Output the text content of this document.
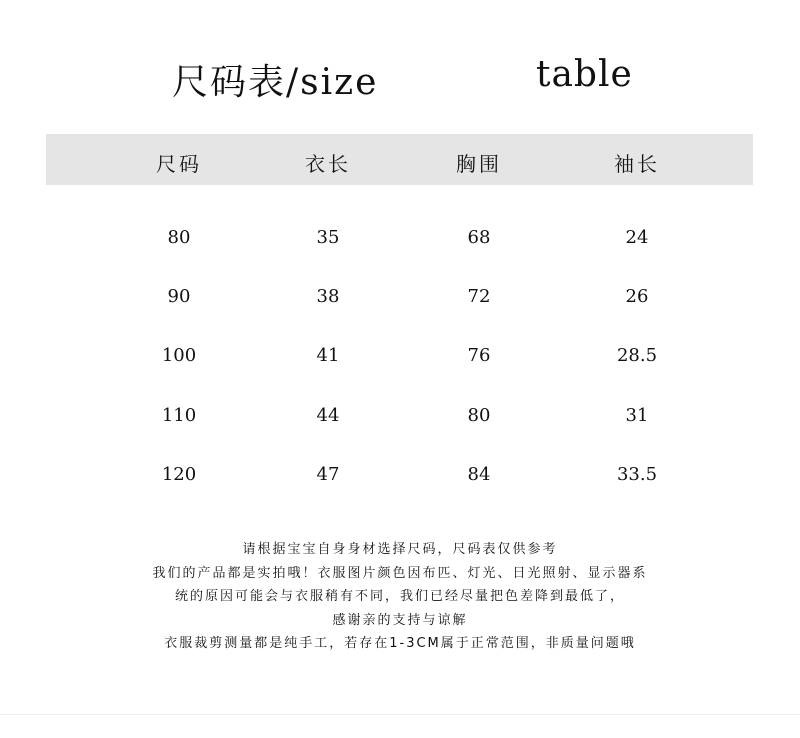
尺码表/size	table
尺码	衣长	胸围	袖长
80	35	68	24
90	38	72	26
100	41	76	28.5
110	44	80	31
120	47	84	33.5
请根据宝宝自身身材选择尺码，尺码表仅供参考
我们的产品都是实拍哦！衣服图片颜色因布匹、灯光、日光照射、显示器系
统的原因可能会与衣服稍有不同，我们已经尽量把色差降到最低了，
感谢亲的支持与谅解
衣服裁剪测量都是纯手工，若存在1-3CM属于正常范围，非质量问题哦
